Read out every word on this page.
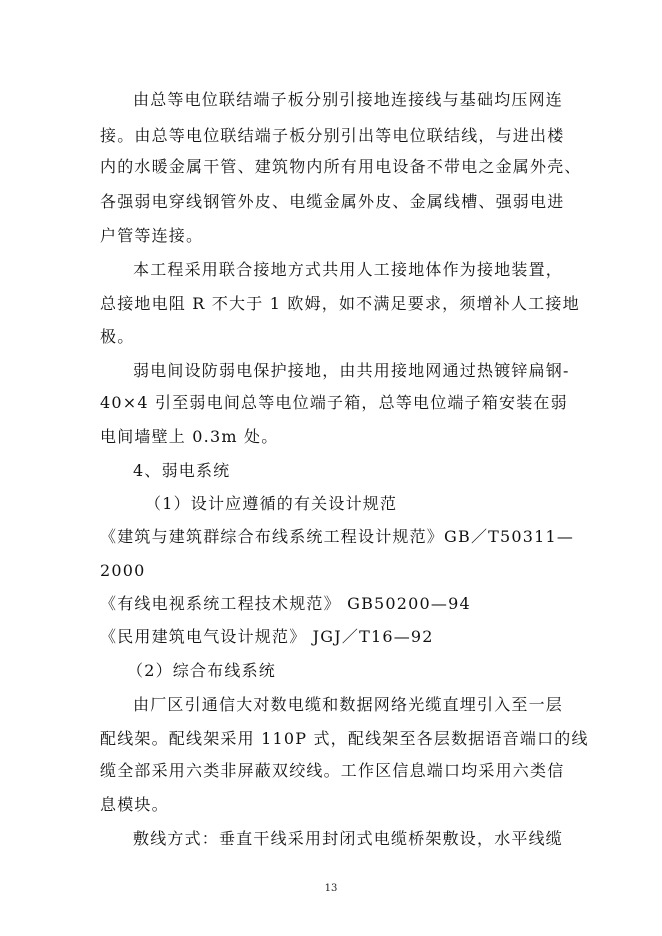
由总等电位联结端子板分别引接地连接线与基础均压网连
接。由总等电位联结端子板分别引出等电位联结线，与进出楼
内的水暖金属干管、建筑物内所有用电设备不带电之金属外壳、
各强弱电穿线钢管外皮、电缆金属外皮、金属线槽、强弱电进
户管等连接。
本工程采用联合接地方式共用人工接地体作为接地装置，
总接地电阻 R 不大于 1 欧姆，如不满足要求，须增补人工接地
极。
弱电间设防弱电保护接地，由共用接地网通过热镀锌扁钢-
40×4 引至弱电间总等电位端子箱，总等电位端子箱安装在弱
电间墙壁上 0.3m 处。
4、弱电系统
（1）设计应遵循的有关设计规范
《建筑与建筑群综合布线系统工程设计规范》GB／T50311—
2000
《有线电视系统工程技术规范》 GB50200—94
《民用建筑电气设计规范》 JGJ／T16—92
（2）综合布线系统
由厂区引通信大对数电缆和数据网络光缆直埋引入至一层
配线架。配线架采用 110P 式，配线架至各层数据语音端口的线
缆全部采用六类非屏蔽双绞线。工作区信息端口均采用六类信
息模块。
敷线方式：垂直干线采用封闭式电缆桥架敷设，水平线缆
13
